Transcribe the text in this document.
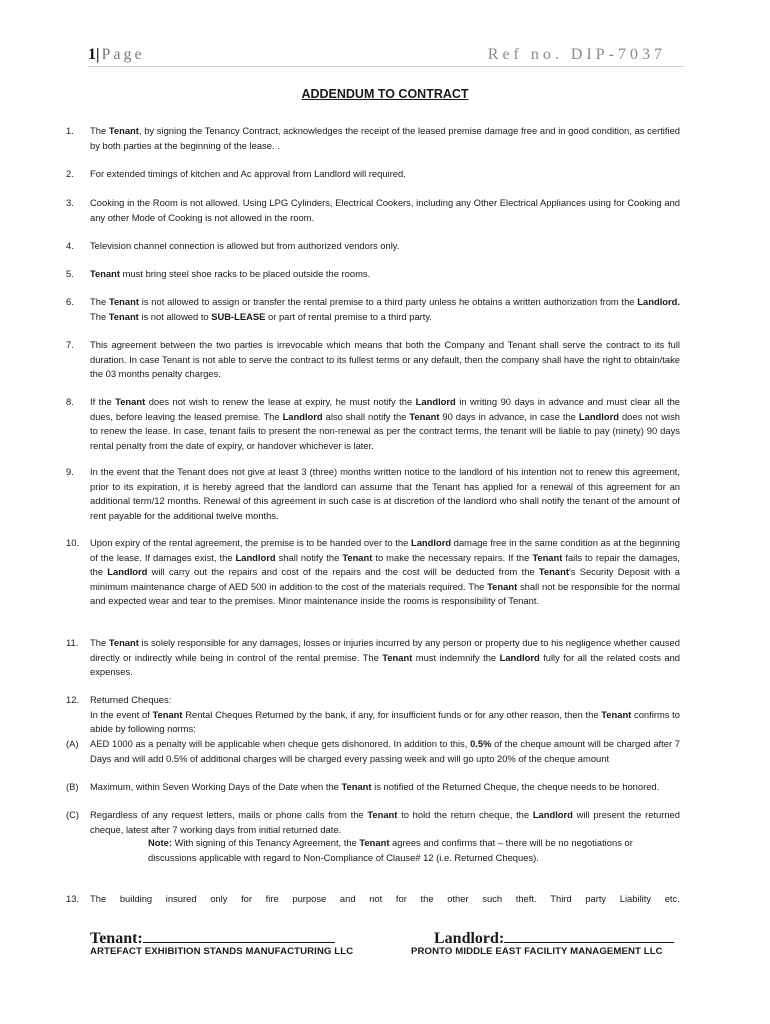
1| Page	Ref no. DIP-7037
ADDENDUM TO CONTRACT
1. The Tenant, by signing the Tenancy Contract, acknowledges the receipt of the leased premise damage free and in good condition, as certified by both parties at the beginning of the lease. .
2. For extended timings of kitchen and Ac approval from Landlord will required.
3. Cooking in the Room is not allowed. Using LPG Cylinders, Electrical Cookers, including any Other Electrical Appliances using for Cooking and any other Mode of Cooking is not allowed in the room.
4. Television channel connection is allowed but from authorized vendors only.
5. Tenant must bring steel shoe racks to be placed outside the rooms.
6. The Tenant is not allowed to assign or transfer the rental premise to a third party unless he obtains a written authorization from the Landlord. The Tenant is not allowed to SUB-LEASE or part of rental premise to a third party.
7. This agreement between the two parties is irrevocable which means that both the Company and Tenant shall serve the contract to its full duration. In case Tenant is not able to serve the contract to its fullest terms or any default, then the company shall have the right to obtain/take the 03 months penalty charges.
8. If the Tenant does not wish to renew the lease at expiry, he must notify the Landlord in writing 90 days in advance and must clear all the dues, before leaving the leased premise. The Landlord also shall notify the Tenant 90 days in advance, in case the Landlord does not wish to renew the lease. In case, tenant fails to present the non-renewal as per the contract terms, the tenant will be liable to pay (ninety) 90 days rental penalty from the date of expiry, or handover whichever is later.
9. In the event that the Tenant does not give at least 3 (three) months written notice to the landlord of his intention not to renew this agreement, prior to its expiration, it is hereby agreed that the landlord can assume that the Tenant has applied for a renewal of this agreement for an additional term/12 months. Renewal of this agreement in such case is at discretion of the landlord who shall notify the tenant of the amount of rent payable for the additional twelve months.
10. Upon expiry of the rental agreement, the premise is to be handed over to the Landlord damage free in the same condition as at the beginning of the lease. If damages exist, the Landlord shall notify the Tenant to make the necessary repairs. If the Tenant fails to repair the damages, the Landlord will carry out the repairs and cost of the repairs and the cost will be deducted from the Tenant's Security Deposit with a minimum maintenance charge of AED 500 in addition to the cost of the materials required. The Tenant shall not be responsible for the normal and expected wear and tear to the premises. Minor maintenance inside the rooms is responsibility of Tenant.
11. The Tenant is solely responsible for any damages, losses or injuries incurred by any person or property due to his negligence whether caused directly or indirectly while being in control of the rental premise. The Tenant must indemnify the Landlord fully for all the related costs and expenses.
12. Returned Cheques:
In the event of Tenant Rental Cheques Returned by the bank, if any, for insufficient funds or for any other reason, then the Tenant confirms to abide by following norms:
(A) AED 1000 as a penalty will be applicable when cheque gets dishonored. In addition to this, 0.5% of the cheque amount will be charged after 7 Days and will add 0.5% of additional charges will be charged every passing week and will go upto 20% of the cheque amount
(B) Maximum, within Seven Working Days of the Date when the Tenant is notified of the Returned Cheque, the cheque needs to be honored.
(C) Regardless of any request letters, mails or phone calls from the Tenant to hold the return cheque, the Landlord will present the returned cheque, latest after 7 working days from initial returned date.
Note: With signing of this Tenancy Agreement, the Tenant agrees and confirms that – there will be no negotiations or discussions applicable with regard to Non-Compliance of Clause# 12 (i.e. Returned Cheques).
13. The building insured only for fire purpose and not for the other such theft. Third party Liability etc.
Tenant:
ARTEFACT EXHIBITION STANDS MANUFACTURING LLC
Landlord:
PRONTO MIDDLE EAST FACILITY MANAGEMENT LLC
